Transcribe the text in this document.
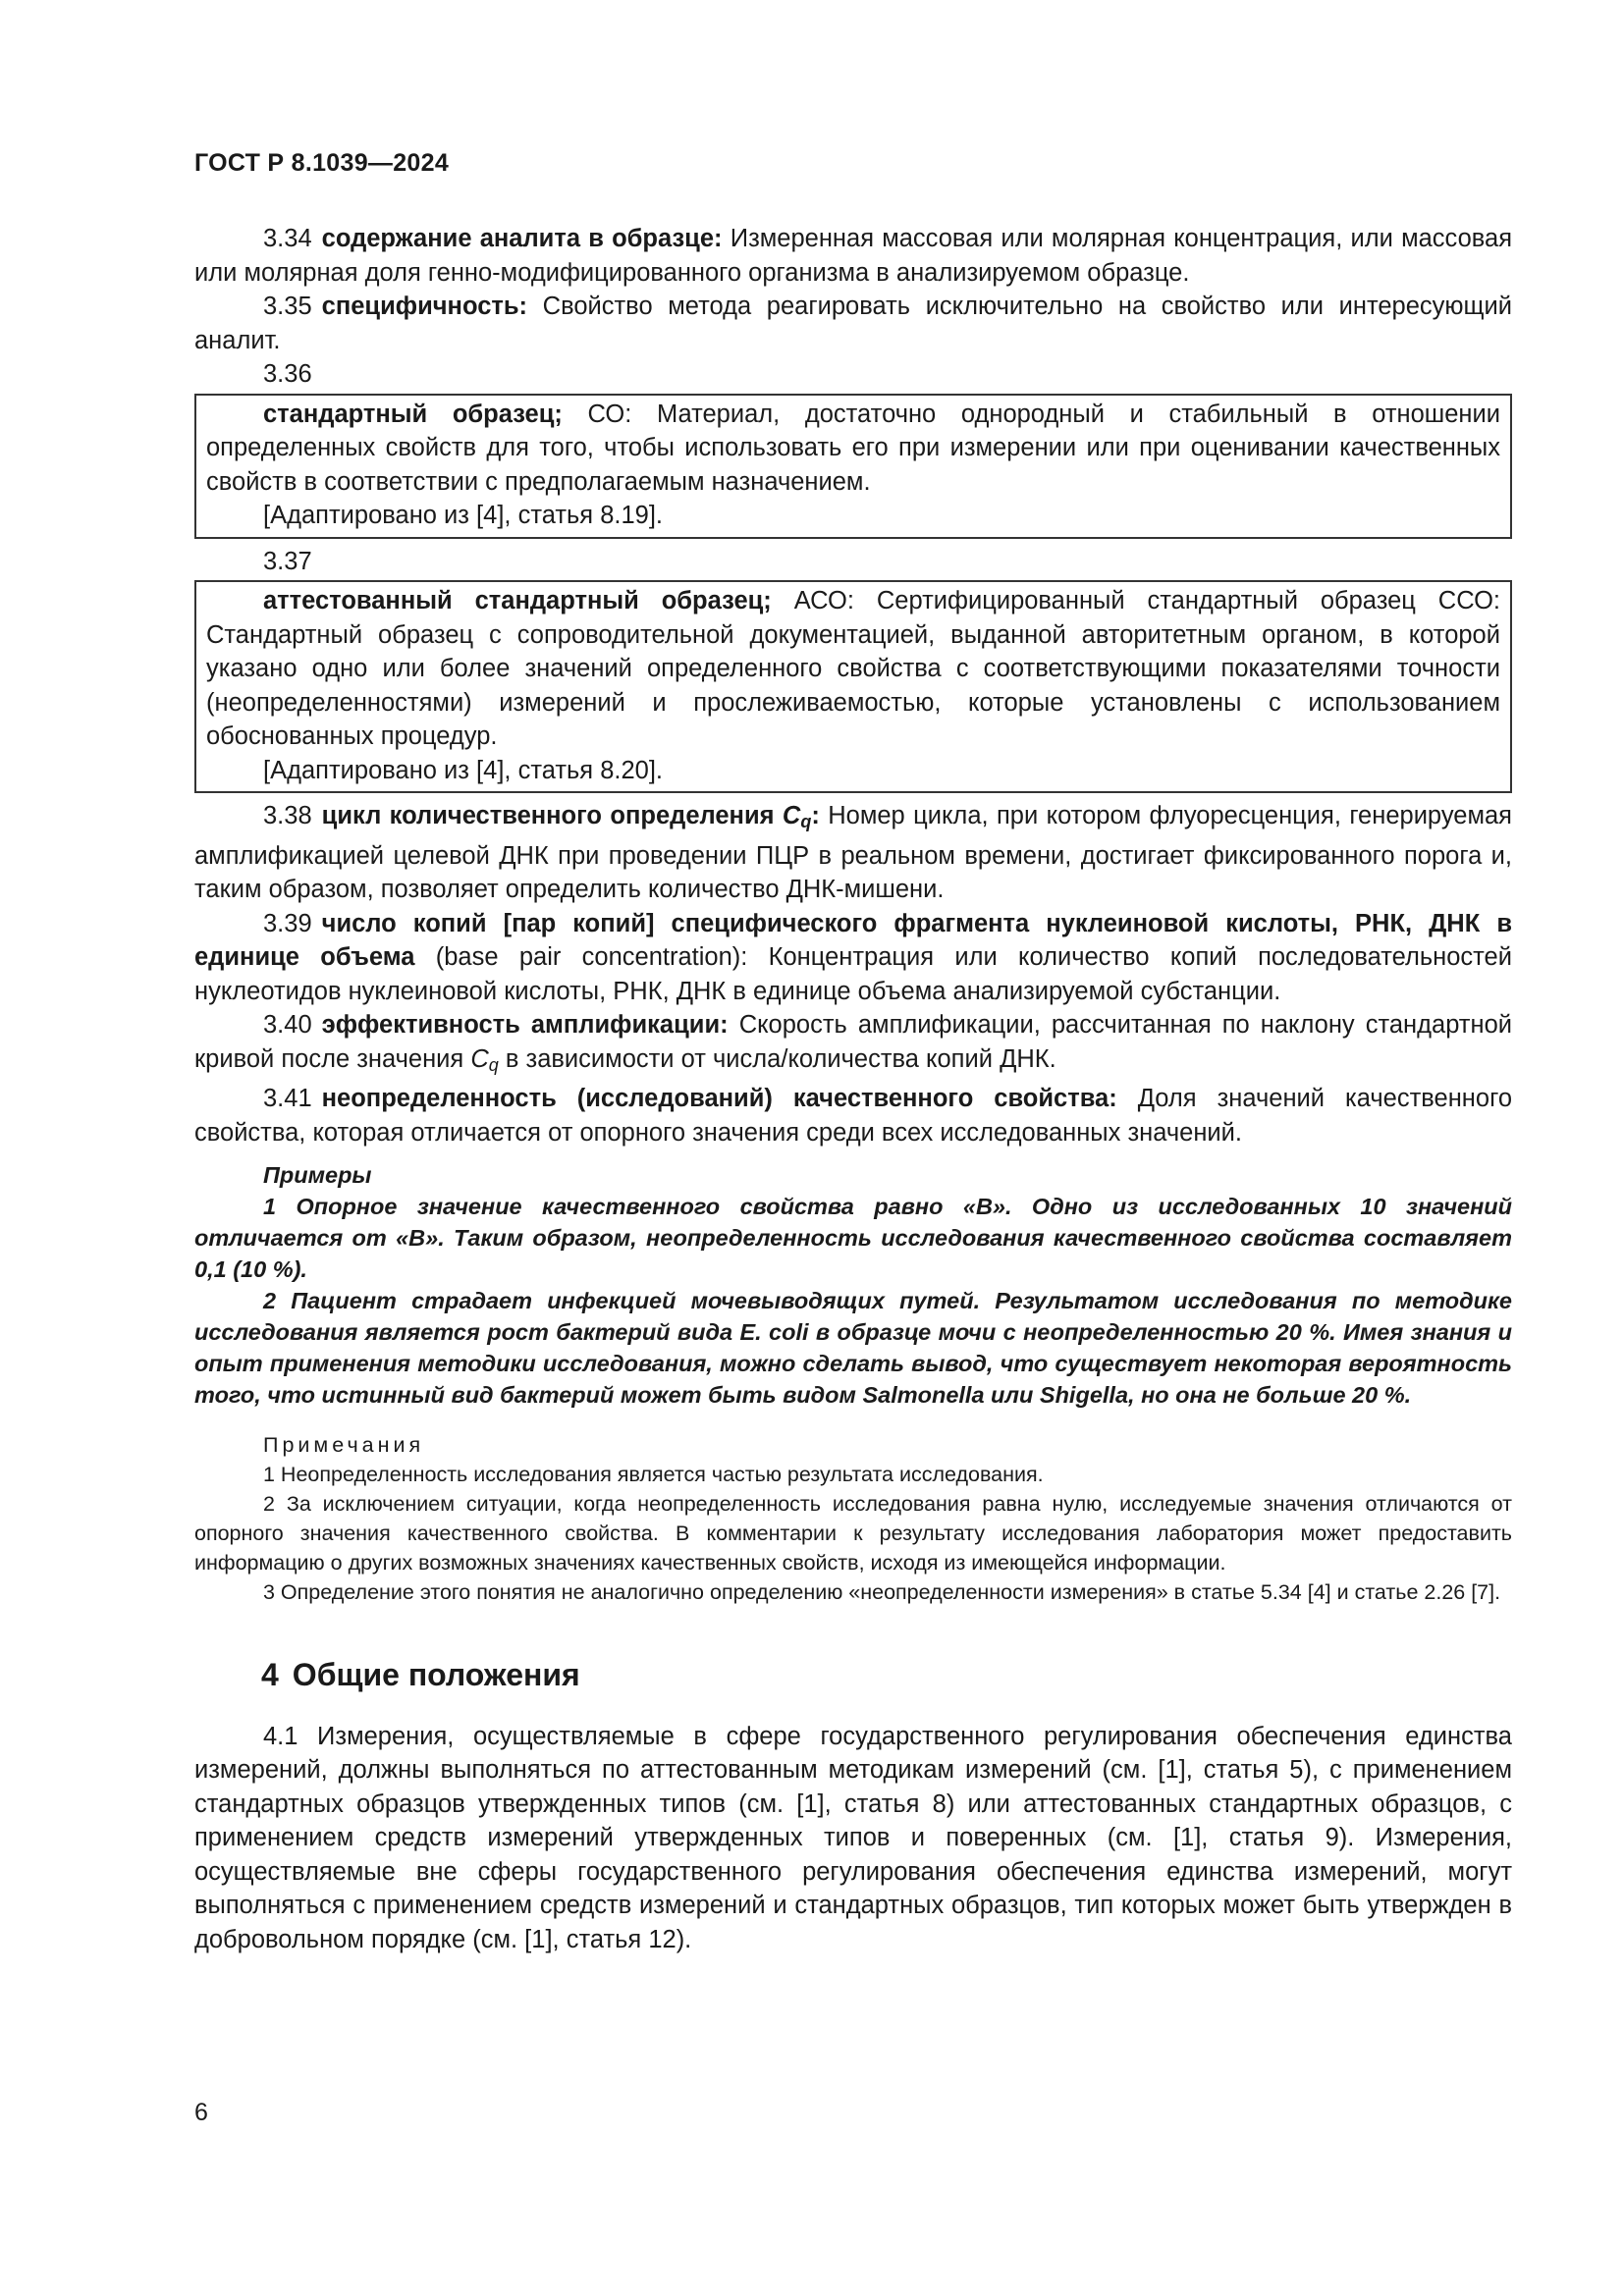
ГОСТ Р 8.1039—2024

3.34 содержание аналита в образце: Измеренная массовая или молярная концентрация, или массовая или молярная доля генно-модифицированного организма в анализируемом образце.

3.35 специфичность: Свойство метода реагировать исключительно на свойство или интересующий аналит.

3.36

стандартный образец; СО: Материал, достаточно однородный и стабильный в отношении определенных свойств для того, чтобы использовать его при измерении или при оценивании качественных свойств в соответствии с предполагаемым назначением.

[Адаптировано из [4], статья 8.19].

3.37

аттестованный стандартный образец; АСО: Сертифицированный стандартный образец ССО: Стандартный образец с сопроводительной документацией, выданной авторитетным органом, в которой указано одно или более значений определенного свойства с соответствующими показателями точности (неопределенностями) измерений и прослеживаемостью, которые установлены с использованием обоснованных процедур.

[Адаптировано из [4], статья 8.20].

3.38 цикл количественного определения $C_q$: Номер цикла, при котором флуоресценция, генерируемая амплификацией целевой ДНК при проведении ПЦР в реальном времени, достигает фиксированного порога и, таким образом, позволяет определить количество ДНК-мишени.

3.39 число копий [пар копий] специфического фрагмента нуклеиновой кислоты, РНК, ДНК в единице объема (base pair concentration): Концентрация или количество копий последовательностей нуклеотидов нуклеиновой кислоты, РНК, ДНК в единице объема анализируемой субстанции.

3.40 эффективность амплификации: Скорость амплификации, рассчитанная по наклону стандартной кривой после значения $C_q$ в зависимости от числа/количества копий ДНК.

3.41 неопределенность (исследований) качественного свойства: Доля значений качественного свойства, которая отличается от опорного значения среди всех исследованных значений.

Примеры

1 Опорное значение качественного свойства равно «B». Одно из исследованных 10 значений отличается от «B». Таким образом, неопределенность исследования качественного свойства составляет 0,1 (10 %).

2 Пациент страдает инфекцией мочевыводящих путей. Результатом исследования по методике исследования является рост бактерий вида E. coli в образце мочи с неопределенностью 20 %. Имея знания и опыт применения методики исследования, можно сделать вывод, что существует некоторая вероятность того, что истинный вид бактерий может быть видом Salmonella или Shigella, но она не больше 20 %.

Примечания

1 Неопределенность исследования является частью результата исследования.

2 За исключением ситуации, когда неопределенность исследования равна нулю, исследуемые значения отличаются от опорного значения качественного свойства. В комментарии к результату исследования лаборатория может предоставить информацию о других возможных значениях качественных свойств, исходя из имеющейся информации.

3 Определение этого понятия не аналогично определению «неопределенности измерения» в статье 5.34 [4] и статье 2.26 [7].

4 Общие положения

4.1 Измерения, осуществляемые в сфере государственного регулирования обеспечения единства измерений, должны выполняться по аттестованным методикам измерений (см. [1], статья 5), с применением стандартных образцов утвержденных типов (см. [1], статья 8) или аттестованных стандартных образцов, с применением средств измерений утвержденных типов и поверенных (см. [1], статья 9). Измерения, осуществляемые вне сферы государственного регулирования обеспечения единства измерений, могут выполняться с применением средств измерений и стандартных образцов, тип которых может быть утвержден в добровольном порядке (см. [1], статья 12).

6
